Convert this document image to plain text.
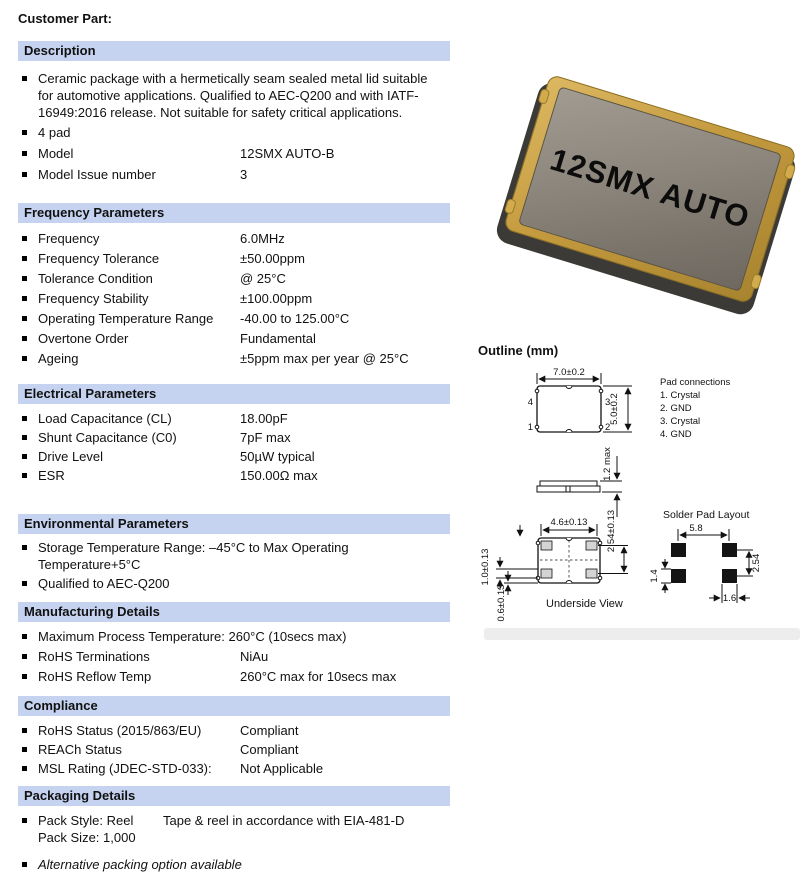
Customer Part:
Description
Ceramic package with a hermetically seam sealed metal lid suitable for automotive applications. Qualified to AEC-Q200 and with IATF-16949:2016 release. Not suitable for safety critical applications.
4 pad
Model	12SMX AUTO-B
Model Issue number	3
Frequency Parameters
Frequency	6.0MHz
Frequency Tolerance	±50.00ppm
Tolerance Condition	@ 25°C
Frequency Stability	±100.00ppm
Operating Temperature Range	-40.00 to 125.00°C
Overtone Order	Fundamental
Ageing	±5ppm max per year @ 25°C
Electrical Parameters
Load Capacitance (CL)	18.00pF
Shunt Capacitance (C0)	7pF max
Drive Level	50µW typical
ESR	150.00Ω max
Environmental Parameters
Storage Temperature Range: –45°C to Max Operating Temperature+5°C
Qualified to AEC-Q200
Manufacturing Details
Maximum Process Temperature: 260°C (10secs max)
RoHS Terminations	NiAu
RoHS Reflow Temp	260°C max for 10secs max
Compliance
RoHS Status (2015/863/EU)	Compliant
REACh Status	Compliant
MSL Rating (JDEC-STD-033):	Not Applicable
Packaging Details
Pack Style: Reel	Tape & reel in accordance with EIA-481-D
Pack Size: 1,000
Alternative packing option available
12SMX AUTO
Outline (mm)
7.0±0.2
5.0±0.2
4
1
3
2
Pad connections
1. Crystal
2. GND
3. Crystal
4. GND
1.2 max
4.6±0.13 2.54±0.13
1.0±0.13
0.6±0.13	Underside View
Solder Pad Layout
5.8
1.4
2.54
1.6
